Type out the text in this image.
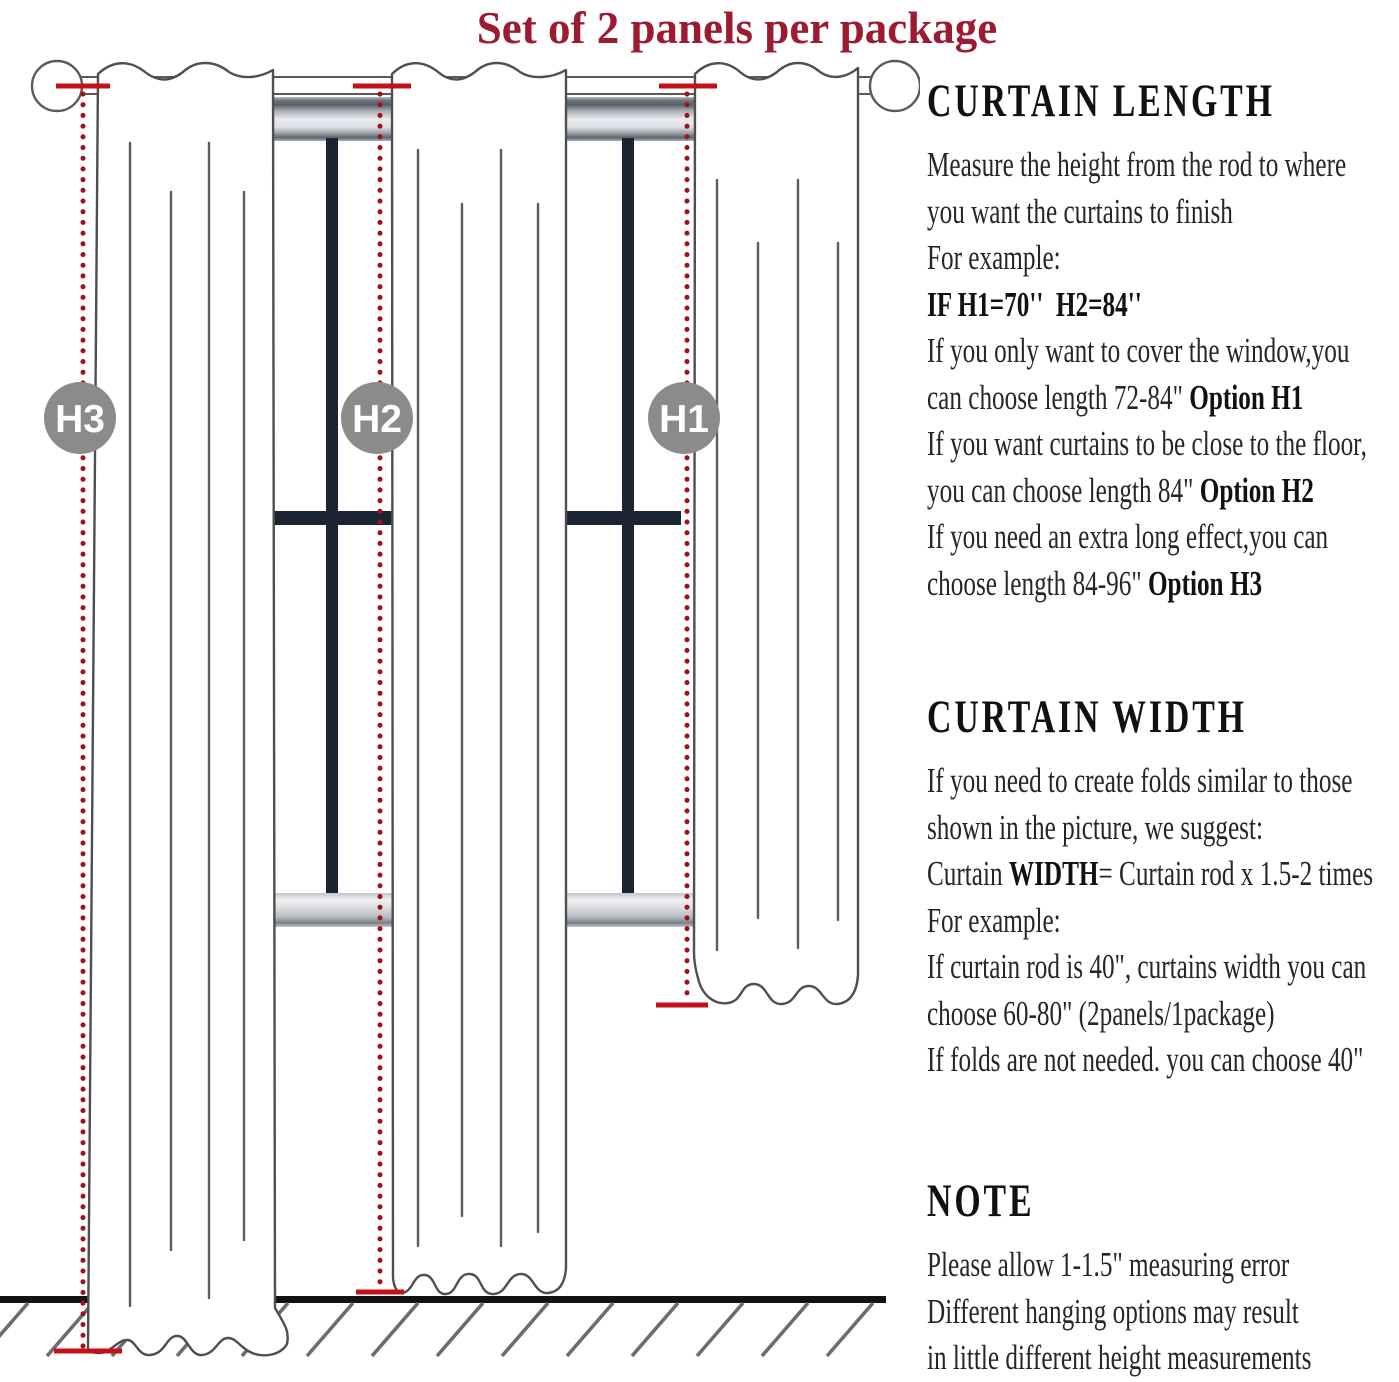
Set of 2 panels per package
H3	H2	H1
CURTAIN LENGTH
Measure the height from the rod to where
you want the curtains to finish
For example:
IF H1=70''  H2=84''
If you only want to cover the window,you
can choose length 72-84" Option H1
If you want curtains to be close to the floor,
you can choose length 84" Option H2
If you need an extra long effect,you can
choose length 84-96" Option H3
CURTAIN WIDTH
If you need to create folds similar to those
shown in the picture, we suggest:
Curtain WIDTH= Curtain rod x 1.5-2 times
For example:
If curtain rod is 40", curtains width you can
choose 60-80" (2panels/1package)
If folds are not needed. you can choose 40"
NOTE
Please allow 1-1.5" measuring error
Different hanging options may result
in little different height measurements
